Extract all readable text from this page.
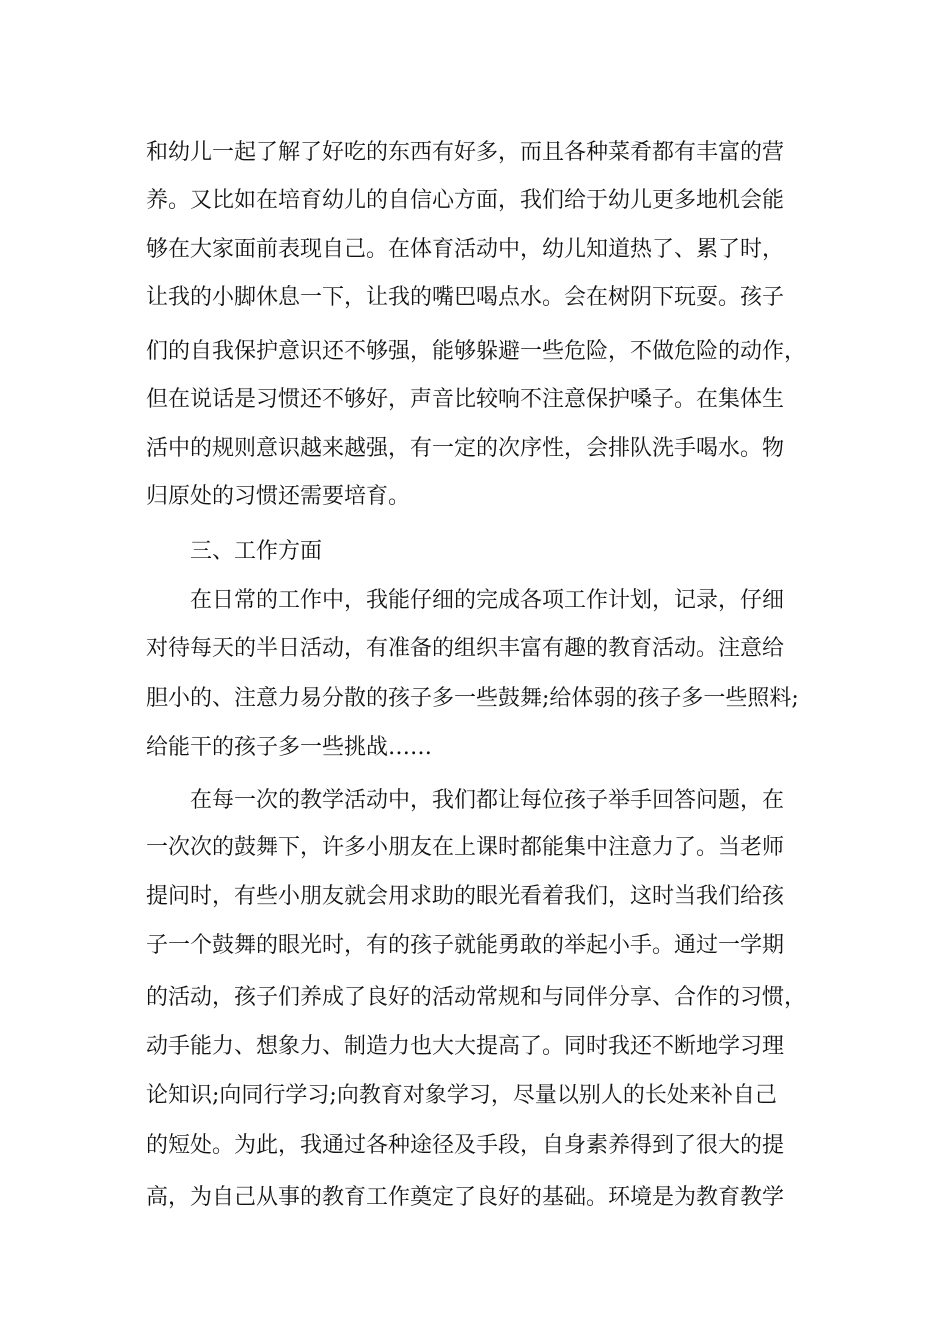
和幼儿一起了解了好吃的东西有好多，而且各种菜肴都有丰富的营
养。又比如在培育幼儿的自信心方面，我们给于幼儿更多地机会能
够在大家面前表现自己。在体育活动中，幼儿知道热了、累了时，
让我的小脚休息一下，让我的嘴巴喝点水。会在树阴下玩耍。孩子
们的自我保护意识还不够强，能够躲避一些危险，不做危险的动作，
但在说话是习惯还不够好，声音比较响不注意保护嗓子。在集体生
活中的规则意识越来越强，有一定的次序性，会排队洗手喝水。物
归原处的习惯还需要培育。
三、工作方面
在日常的工作中，我能仔细的完成各项工作计划，记录，仔细
对待每天的半日活动，有准备的组织丰富有趣的教育活动。注意给
胆小的、注意力易分散的孩子多一些鼓舞;给体弱的孩子多一些照料;
给能干的孩子多一些挑战……
在每一次的教学活动中，我们都让每位孩子举手回答问题，在
一次次的鼓舞下，许多小朋友在上课时都能集中注意力了。当老师
提问时，有些小朋友就会用求助的眼光看着我们，这时当我们给孩
子一个鼓舞的眼光时，有的孩子就能勇敢的举起小手。通过一学期
的活动，孩子们养成了良好的活动常规和与同伴分享、合作的习惯，
动手能力、想象力、制造力也大大提高了。同时我还不断地学习理
论知识;向同行学习;向教育对象学习，尽量以别人的长处来补自己
的短处。为此，我通过各种途径及手段，自身素养得到了很大的提
高，为自己从事的教育工作奠定了良好的基础。环境是为教育教学
